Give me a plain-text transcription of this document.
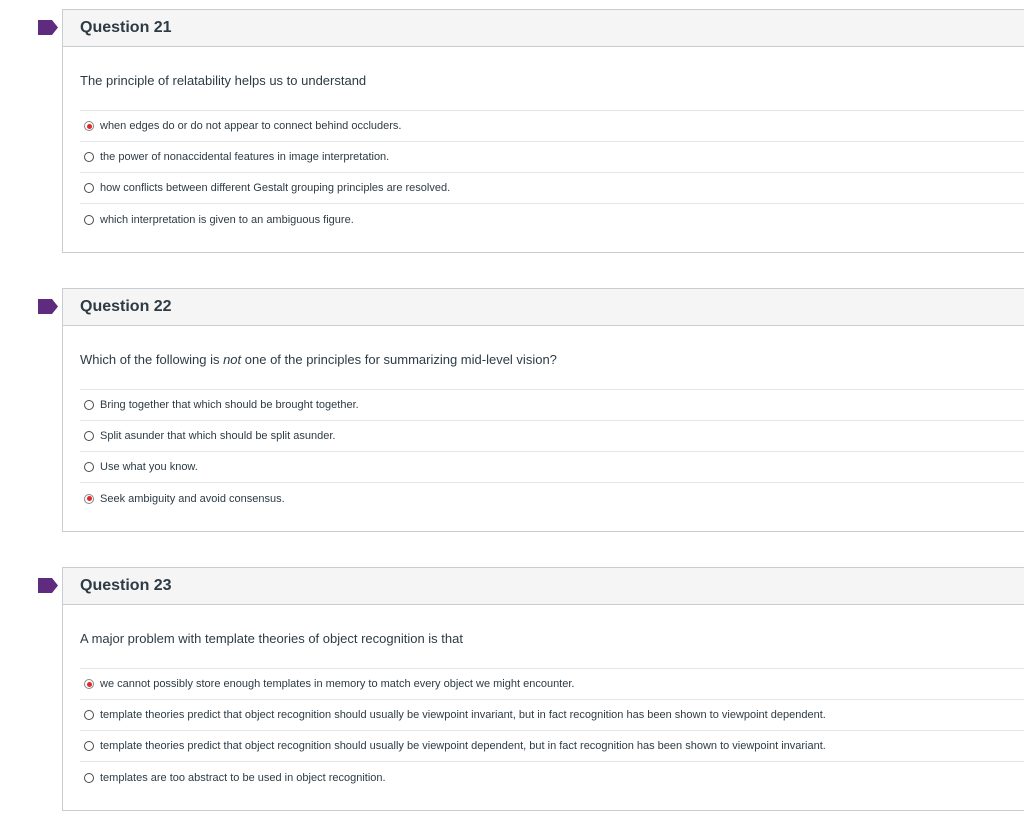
Question 21
The principle of relatability helps us to understand
when edges do or do not appear to connect behind occluders.
the power of nonaccidental features in image interpretation.
how conflicts between different Gestalt grouping principles are resolved.
which interpretation is given to an ambiguous figure.
Question 22
Which of the following is not one of the principles for summarizing mid-level vision?
Bring together that which should be brought together.
Split asunder that which should be split asunder.
Use what you know.
Seek ambiguity and avoid consensus.
Question 23
A major problem with template theories of object recognition is that
we cannot possibly store enough templates in memory to match every object we might encounter.
template theories predict that object recognition should usually be viewpoint invariant, but in fact recognition has been shown to viewpoint dependent.
template theories predict that object recognition should usually be viewpoint dependent, but in fact recognition has been shown to viewpoint invariant.
templates are too abstract to be used in object recognition.
